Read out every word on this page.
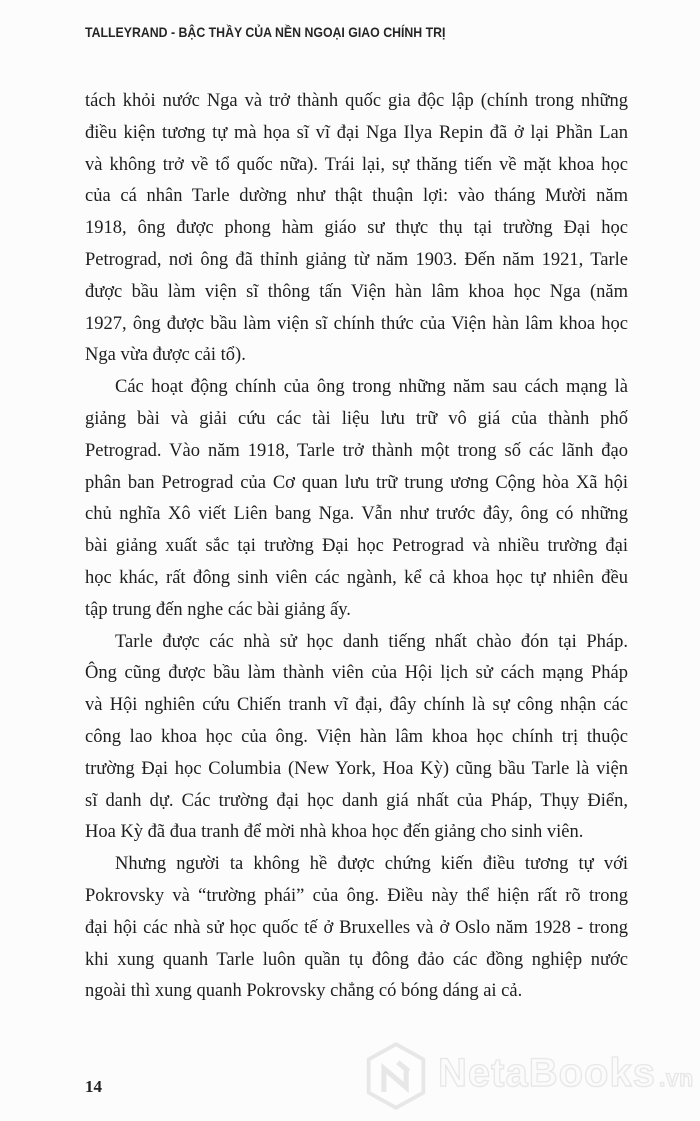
TALLEYRAND - BẬC THẦY CỦA NỀN NGOẠI GIAO CHÍNH TRỊ
tách khỏi nước Nga và trở thành quốc gia độc lập (chính trong những
điều kiện tương tự mà họa sĩ vĩ đại Nga Ilya Repin đã ở lại Phần Lan
và không trở về tổ quốc nữa). Trái lại, sự thăng tiến về mặt khoa học
của cá nhân Tarle dường như thật thuận lợi: vào tháng Mười năm
1918, ông được phong hàm giáo sư thực thụ tại trường Đại học
Petrograd, nơi ông đã thỉnh giảng từ năm 1903. Đến năm 1921, Tarle
được bầu làm viện sĩ thông tấn Viện hàn lâm khoa học Nga (năm
1927, ông được bầu làm viện sĩ chính thức của Viện hàn lâm khoa học
Nga vừa được cải tổ).
Các hoạt động chính của ông trong những năm sau cách mạng là
giảng bài và giải cứu các tài liệu lưu trữ vô giá của thành phố
Petrograd. Vào năm 1918, Tarle trở thành một trong số các lãnh đạo
phân ban Petrograd của Cơ quan lưu trữ trung ương Cộng hòa Xã hội
chủ nghĩa Xô viết Liên bang Nga. Vẫn như trước đây, ông có những
bài giảng xuất sắc tại trường Đại học Petrograd và nhiều trường đại
học khác, rất đông sinh viên các ngành, kể cả khoa học tự nhiên đều
tập trung đến nghe các bài giảng ấy.
Tarle được các nhà sử học danh tiếng nhất chào đón tại Pháp.
Ông cũng được bầu làm thành viên của Hội lịch sử cách mạng Pháp
và Hội nghiên cứu Chiến tranh vĩ đại, đây chính là sự công nhận các
công lao khoa học của ông. Viện hàn lâm khoa học chính trị thuộc
trường Đại học Columbia (New York, Hoa Kỳ) cũng bầu Tarle là viện
sĩ danh dự. Các trường đại học danh giá nhất của Pháp, Thụy Điển,
Hoa Kỳ đã đua tranh để mời nhà khoa học đến giảng cho sinh viên.
Nhưng người ta không hề được chứng kiến điều tương tự với
Pokrovsky và “trường phái” của ông. Điều này thể hiện rất rõ trong
đại hội các nhà sử học quốc tế ở Bruxelles và ở Oslo năm 1928 - trong
khi xung quanh Tarle luôn quần tụ đông đảo các đồng nghiệp nước
ngoài thì xung quanh Pokrovsky chẳng có bóng dáng ai cả.
14	NetaBooks .vn
